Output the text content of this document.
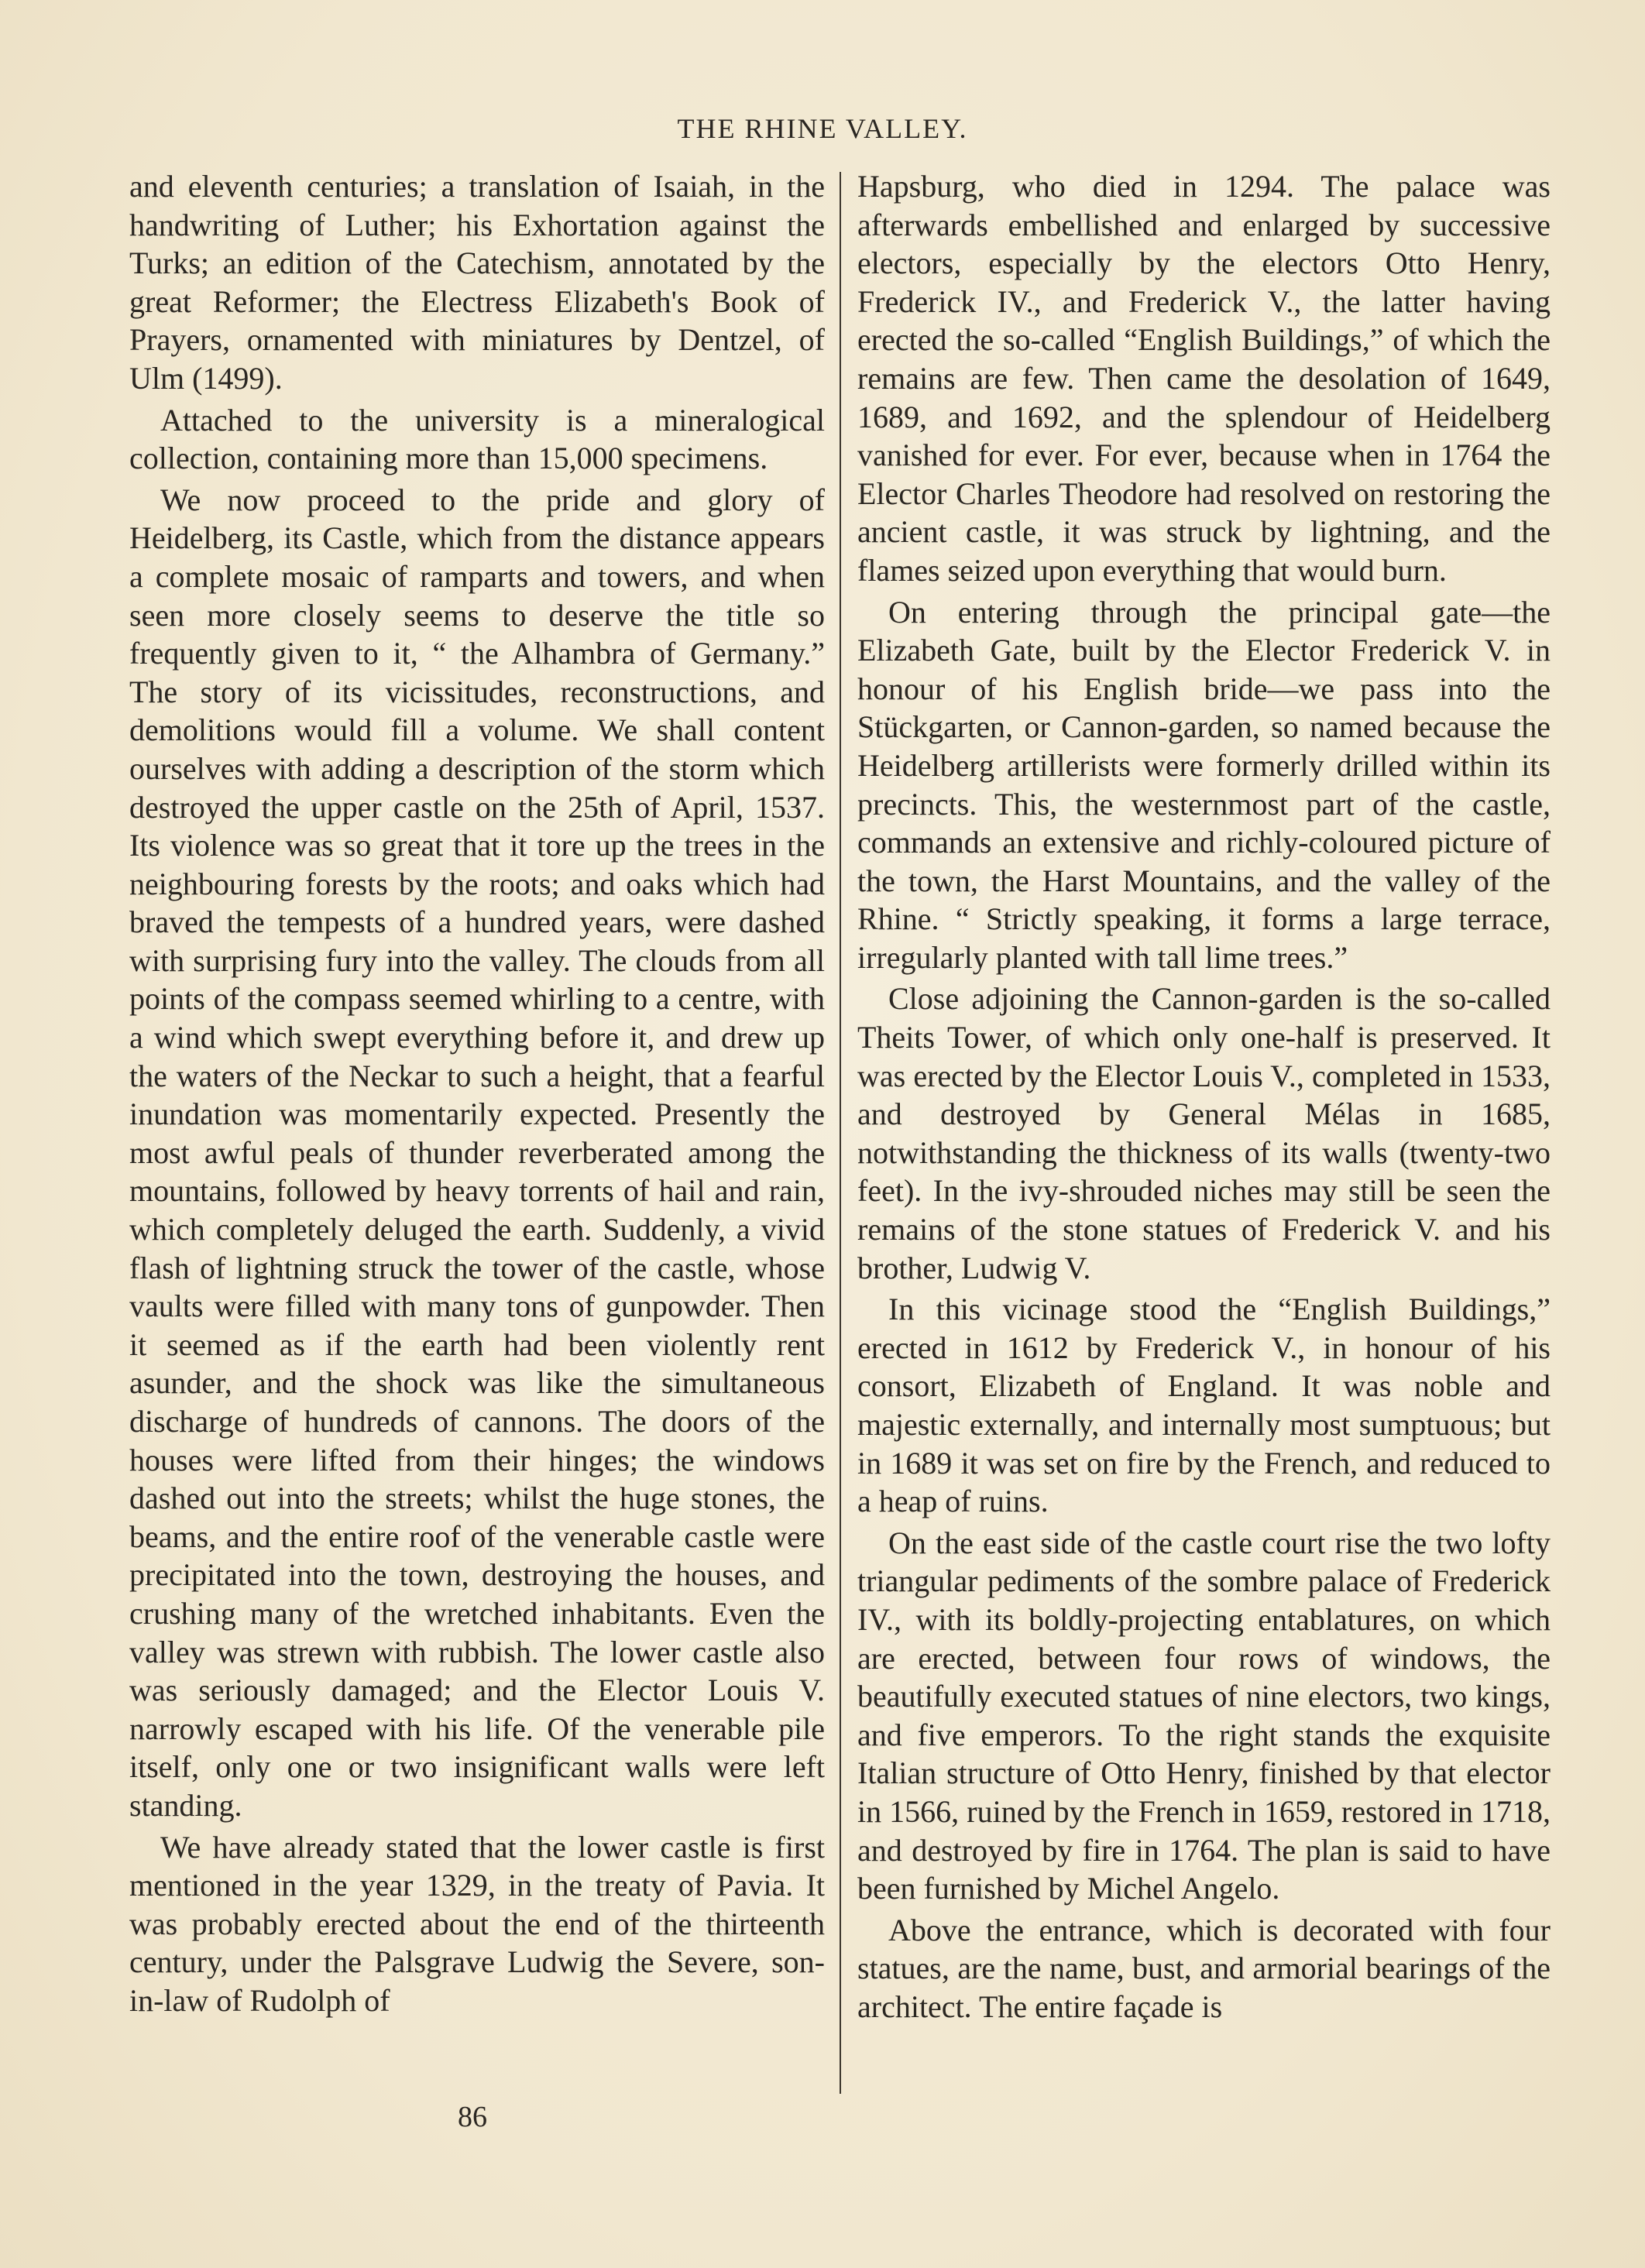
THE RHINE VALLEY.

and eleventh centuries; a translation of Isaiah, in the handwriting of Luther; his Exhortation against the Turks; an edition of the Catechism, annotated by the great Reformer; the Electress Elizabeth's Book of Prayers, ornamented with miniatures by Dentzel, of Ulm (1499).

Attached to the university is a mineralogical collection, containing more than 15,000 specimens.

We now proceed to the pride and glory of Heidelberg, its Castle, which from the distance appears a complete mosaic of ramparts and towers, and when seen more closely seems to deserve the title so frequently given to it, “ the Alhambra of Germany.” The story of its vicissitudes, reconstructions, and demolitions would fill a volume. We shall content ourselves with adding a description of the storm which destroyed the upper castle on the 25th of April, 1537. Its violence was so great that it tore up the trees in the neighbouring forests by the roots; and oaks which had braved the tempests of a hundred years, were dashed with surprising fury into the valley. The clouds from all points of the compass seemed whirling to a centre, with a wind which swept everything before it, and drew up the waters of the Neckar to such a height, that a fearful inundation was momentarily expected. Presently the most awful peals of thunder reverberated among the mountains, followed by heavy torrents of hail and rain, which completely deluged the earth. Suddenly, a vivid flash of lightning struck the tower of the castle, whose vaults were filled with many tons of gunpowder. Then it seemed as if the earth had been violently rent asunder, and the shock was like the simultaneous discharge of hundreds of cannons. The doors of the houses were lifted from their hinges; the windows dashed out into the streets; whilst the huge stones, the beams, and the entire roof of the venerable castle were precipitated into the town, destroying the houses, and crushing many of the wretched inhabitants. Even the valley was strewn with rubbish. The lower castle also was seriously damaged; and the Elector Louis V. narrowly escaped with his life. Of the venerable pile itself, only one or two insignificant walls were left standing.

We have already stated that the lower castle is first mentioned in the year 1329, in the treaty of Pavia. It was probably erected about the end of the thirteenth century, under the Palsgrave Ludwig the Severe, son-in-law of Rudolph of

Hapsburg, who died in 1294. The palace was afterwards embellished and enlarged by successive electors, especially by the electors Otto Henry, Frederick IV., and Frederick V., the latter having erected the so-called “English Buildings,” of which the remains are few. Then came the desolation of 1649, 1689, and 1692, and the splendour of Heidelberg vanished for ever. For ever, because when in 1764 the Elector Charles Theodore had resolved on restoring the ancient castle, it was struck by lightning, and the flames seized upon everything that would burn.

On entering through the principal gate—the Elizabeth Gate, built by the Elector Frederick V. in honour of his English bride—we pass into the Stückgarten, or Cannon-garden, so named because the Heidelberg artillerists were formerly drilled within its precincts. This, the westernmost part of the castle, commands an extensive and richly-coloured picture of the town, the Harst Mountains, and the valley of the Rhine. “ Strictly speaking, it forms a large terrace, irregularly planted with tall lime trees.”

Close adjoining the Cannon-garden is the so-called Theits Tower, of which only one-half is preserved. It was erected by the Elector Louis V., completed in 1533, and destroyed by General Mélas in 1685, notwithstanding the thickness of its walls (twenty-two feet). In the ivy-shrouded niches may still be seen the remains of the stone statues of Frederick V. and his brother, Ludwig V.

In this vicinage stood the “English Buildings,” erected in 1612 by Frederick V., in honour of his consort, Elizabeth of England. It was noble and majestic externally, and internally most sumptuous; but in 1689 it was set on fire by the French, and reduced to a heap of ruins.

On the east side of the castle court rise the two lofty triangular pediments of the sombre palace of Frederick IV., with its boldly-projecting entablatures, on which are erected, between four rows of windows, the beautifully executed statues of nine electors, two kings, and five emperors. To the right stands the exquisite Italian structure of Otto Henry, finished by that elector in 1566, ruined by the French in 1659, restored in 1718, and destroyed by fire in 1764. The plan is said to have been furnished by Michel Angelo.

Above the entrance, which is decorated with four statues, are the name, bust, and armorial bearings of the architect. The entire façade is

86
